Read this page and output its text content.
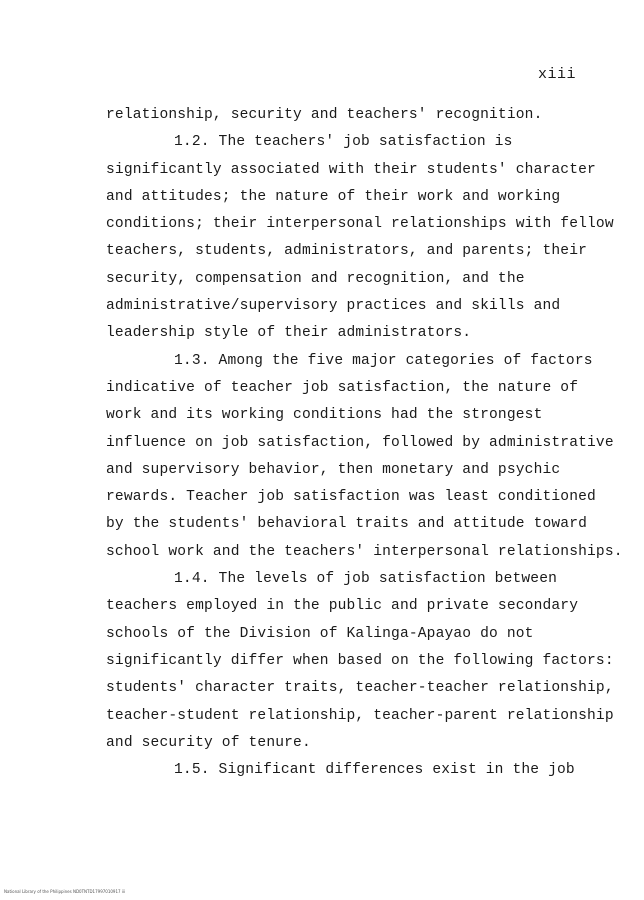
xiii
relationship, security and teachers' recognition.
1.2. The teachers' job satisfaction is
significantly associated with their students' character
and attitudes; the nature of their work and working
conditions; their interpersonal relationships with fellow
teachers, students, administrators, and parents; their
security, compensation and recognition, and the
administrative/supervisory practices and skills and
leadership style of their administrators.
1.3. Among the five major categories of factors
indicative of teacher job satisfaction, the nature of
work and its working conditions had the strongest
influence on job satisfaction, followed by administrative
and supervisory behavior, then monetary and psychic
rewards. Teacher job satisfaction was least conditioned
by the students' behavioral traits and attitude toward
school work and the teachers' interpersonal relationships.
1.4. The levels of job satisfaction between
teachers employed in the public and private secondary
schools of the Division of Kalinga-Apayao do not
significantly differ when based on the following factors:
students' character traits, teacher-teacher relationship,
teacher-student relationship, teacher-parent relationship
and security of tenure.
1.5. Significant differences exist in the job
National Library of the Philippines ND0TNTD17997010917 iii
